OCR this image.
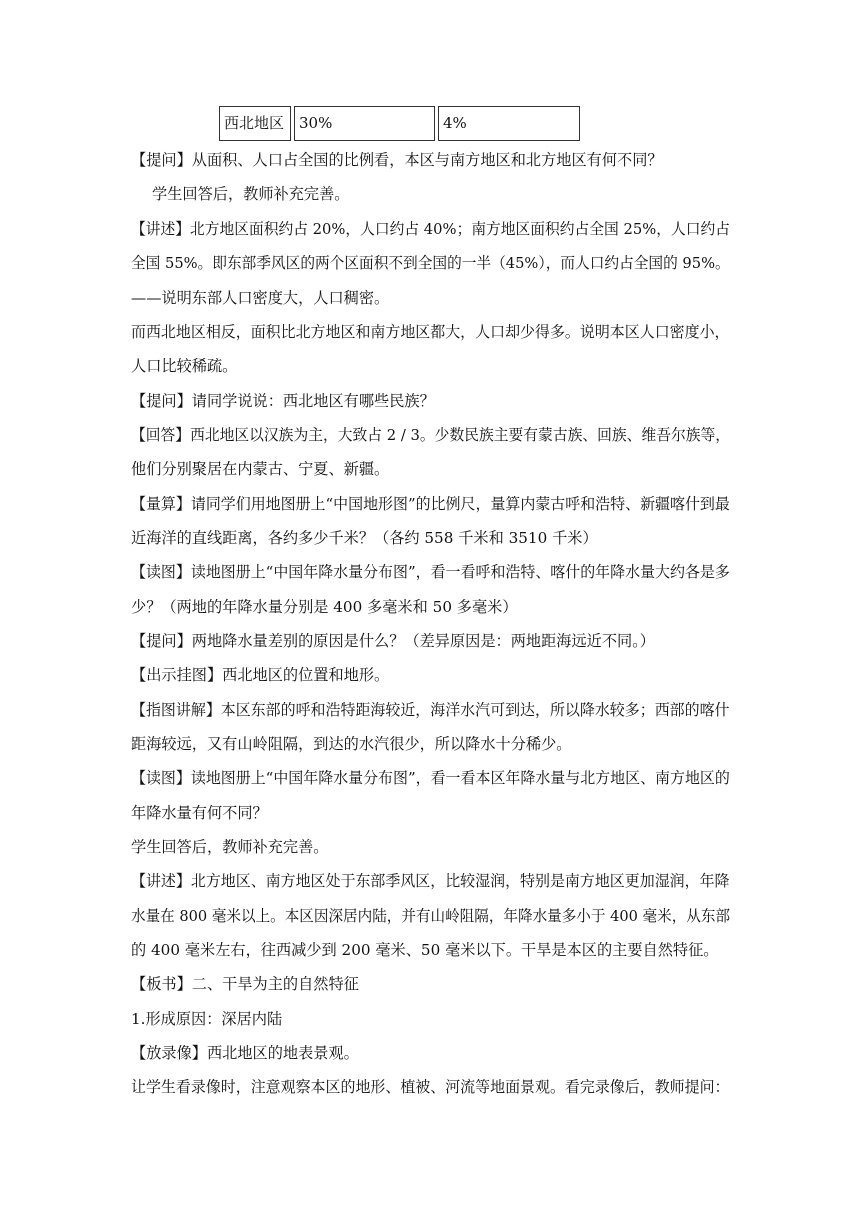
西北地区 30%	4%
【提问】从面积、人口占全国的比例看，本区与南方地区和北方地区有何不同？
学生回答后，教师补充完善。
【讲述】北方地区面积约占 20%，人口约占 40%；南方地区面积约占全国 25%，人口约占
全国 55%。即东部季风区的两个区面积不到全国的一半（45%），而人口约占全国的 95%。
——说明东部人口密度大，人口稠密。
而西北地区相反，面积比北方地区和南方地区都大，人口却少得多。说明本区人口密度小，
人口比较稀疏。
【提问】请同学说说：西北地区有哪些民族？
【回答】西北地区以汉族为主，大致占 2 / 3。少数民族主要有蒙古族、回族、维吾尔族等，
他们分别聚居在内蒙古、宁夏、新疆。
【量算】请同学们用地图册上“中国地形图”的比例尺，量算内蒙古呼和浩特、新疆喀什到最
近海洋的直线距离，各约多少千米？（各约 558 千米和 3510 千米）
【读图】读地图册上“中国年降水量分布图”，看一看呼和浩特、喀什的年降水量大约各是多
少？（两地的年降水量分别是 400 多毫米和 50 多毫米）
【提问】两地降水量差别的原因是什么？（差异原因是：两地距海远近不同。）
【出示挂图】西北地区的位置和地形。
【指图讲解】本区东部的呼和浩特距海较近，海洋水汽可到达，所以降水较多；西部的喀什
距海较远，又有山岭阻隔，到达的水汽很少，所以降水十分稀少。
【读图】读地图册上“中国年降水量分布图”，看一看本区年降水量与北方地区、南方地区的
年降水量有何不同？
学生回答后，教师补充完善。
【讲述】北方地区、南方地区处于东部季风区，比较湿润，特别是南方地区更加湿润，年降
水量在 800 毫米以上。本区因深居内陆，并有山岭阻隔，年降水量多小于 400 毫米，从东部
的 400 毫米左右，往西减少到 200 毫米、50 毫米以下。干旱是本区的主要自然特征。
【板书】二、干旱为主的自然特征
1.形成原因：深居内陆
【放录像】西北地区的地表景观。
让学生看录像时，注意观察本区的地形、植被、河流等地面景观。看完录像后，教师提问：
